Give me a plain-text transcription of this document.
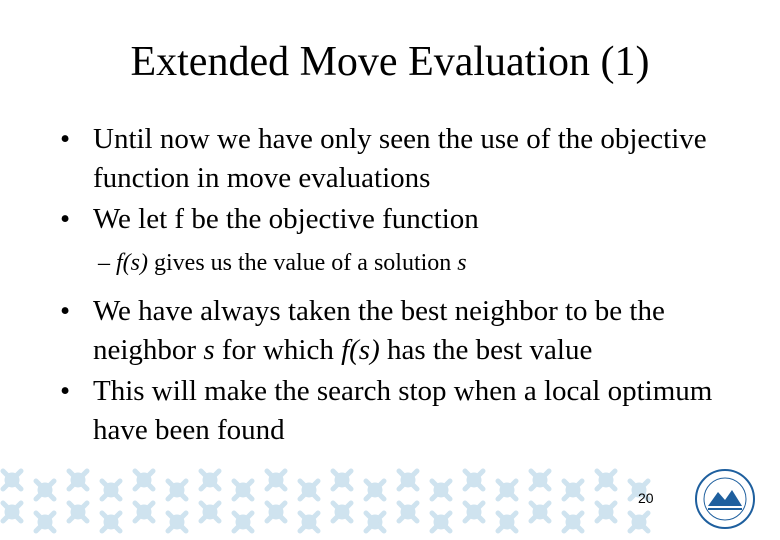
Extended Move Evaluation (1)
• Until now we have only seen the use of the objective function in move evaluations
• We let f be the objective function
– f(s) gives us the value of a solution s
• We have always taken the best neighbor to be the neighbor s for which f(s) has the best value
• This will make the search stop when a local optimum have been found
20
